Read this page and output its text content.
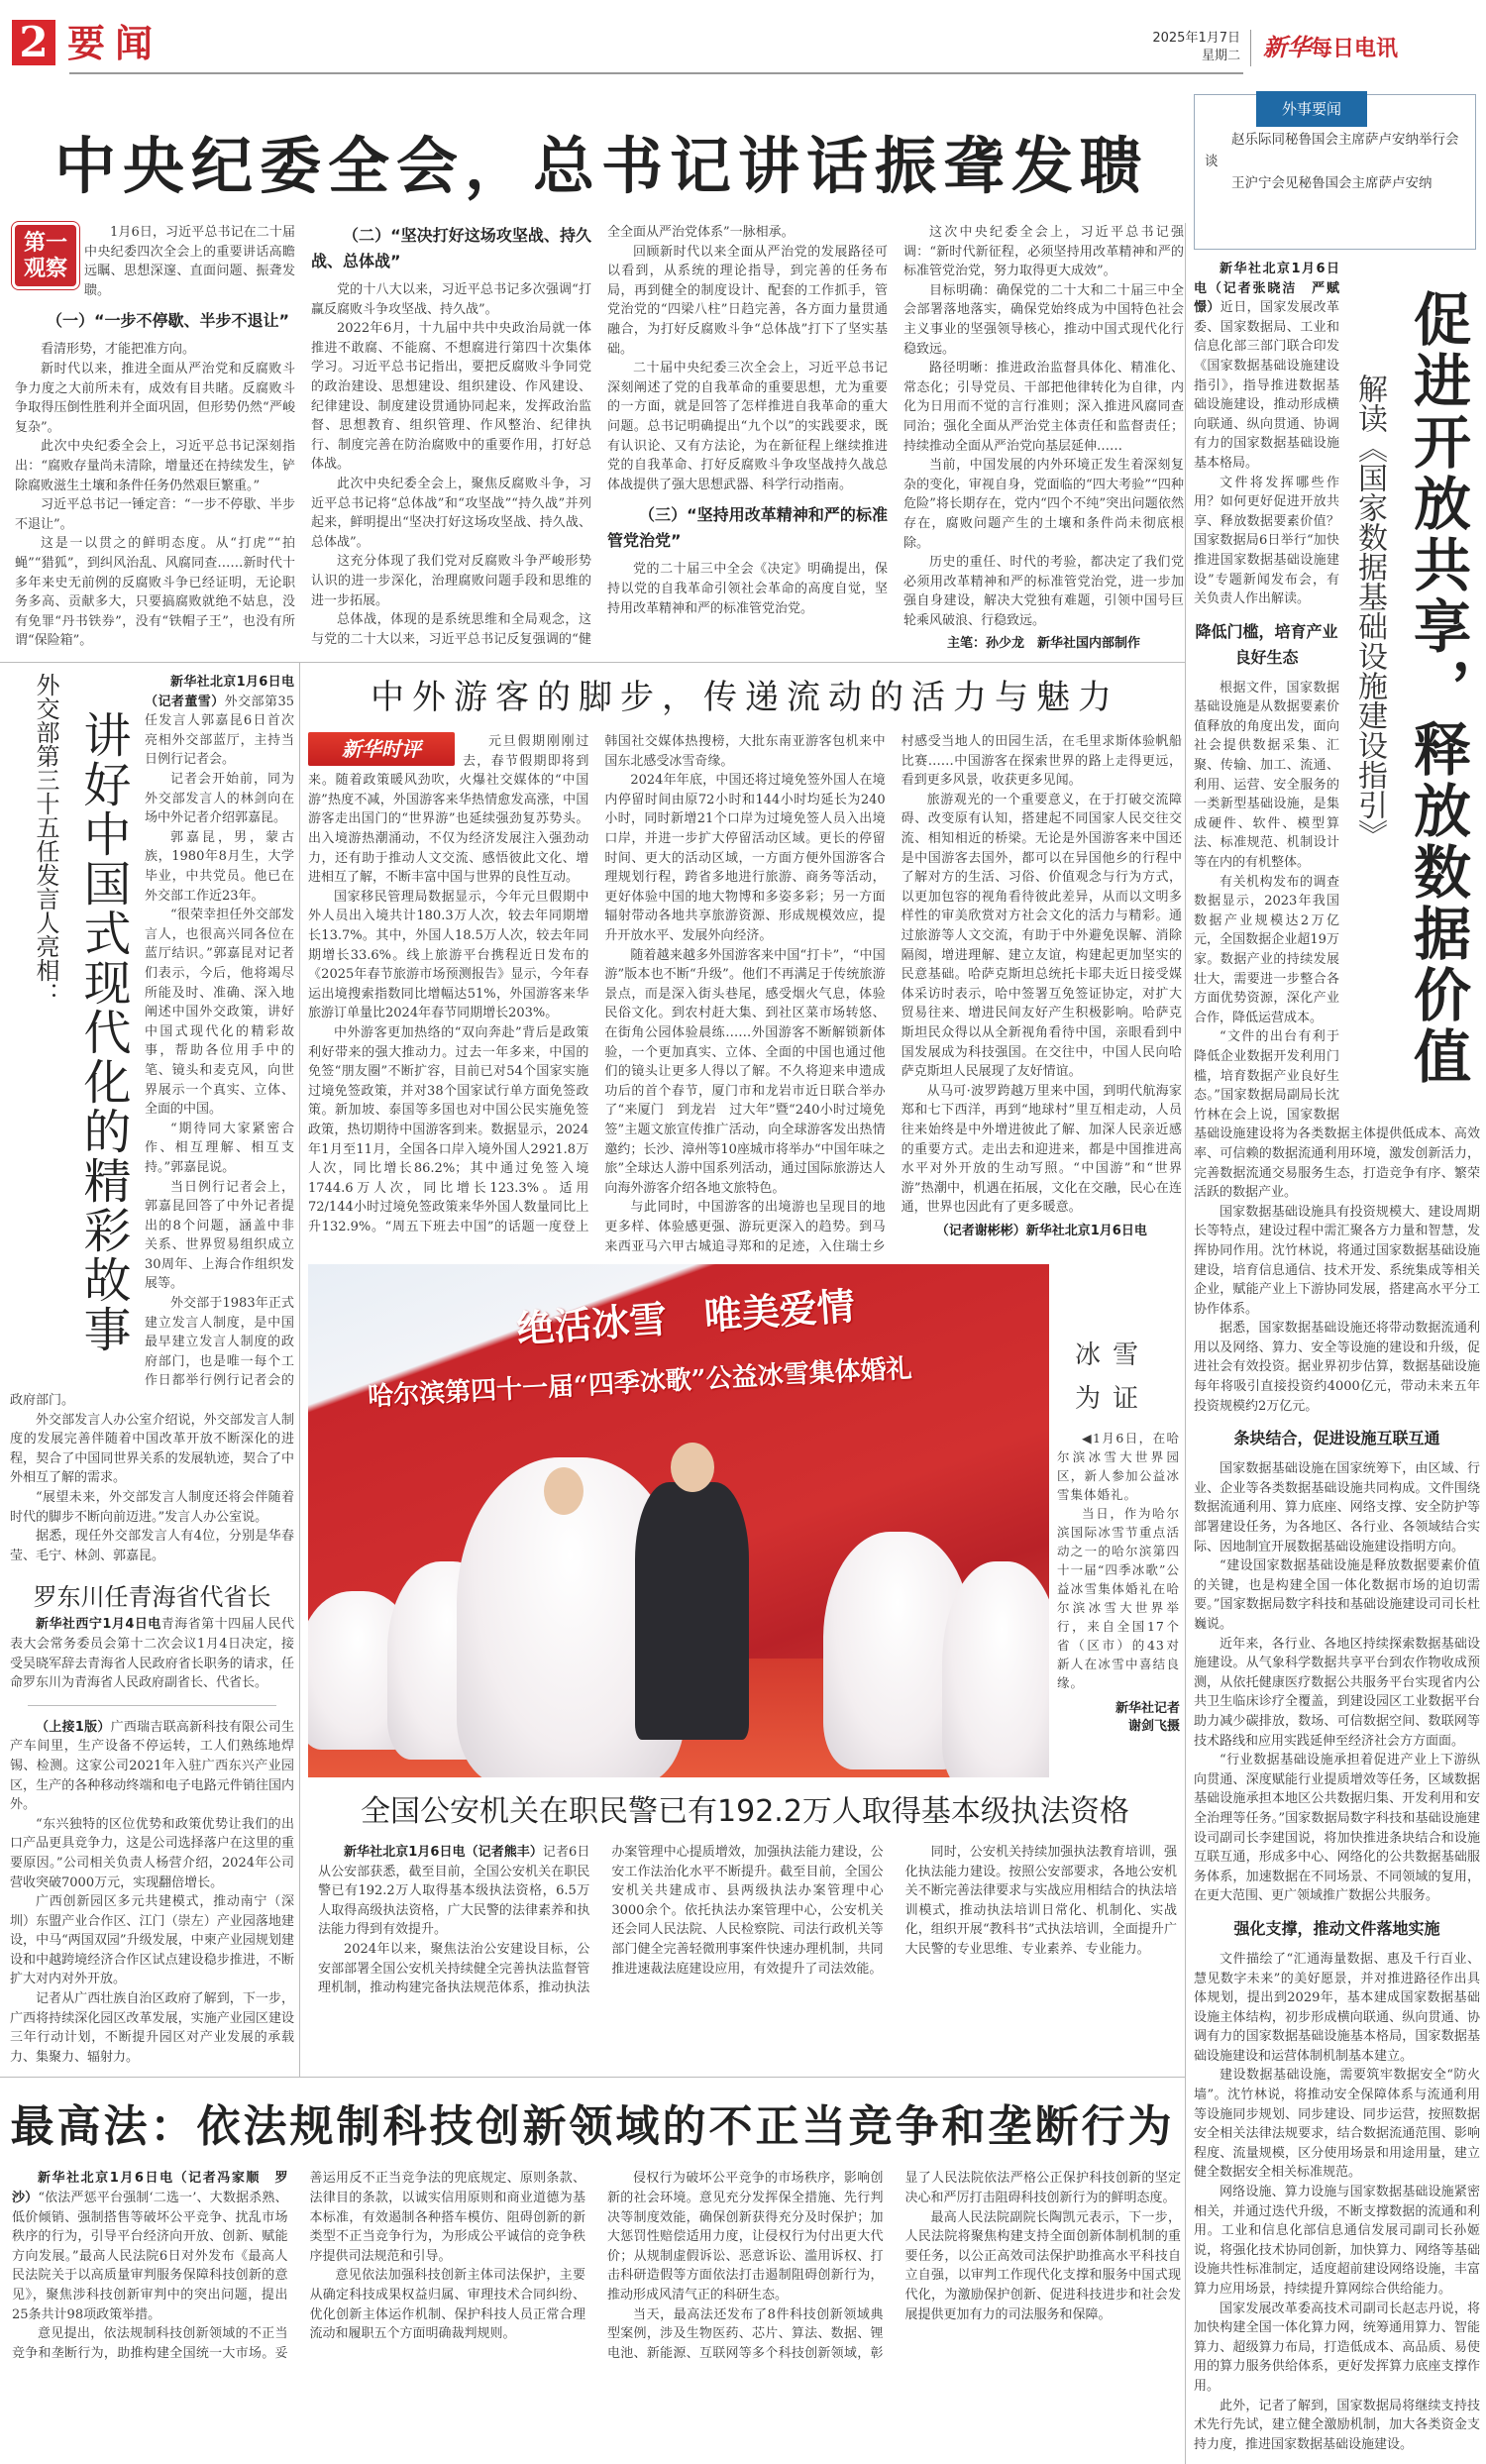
2 要闻	2025年1月7日
星期二 新华每日电讯
外事要闻

赵乐际同秘鲁国会主席萨卢安纳举行会谈

王沪宁会见秘鲁国会主席萨卢安纳

中央纪委全会，总书记讲话振聋发聩
第一观察

1月6日，习近平总书记在二十届中央纪委四次全会上的重要讲话高瞻远瞩、思想深邃、直面问题、振聋发聩。

（一）“一步不停歇、半步不退让”

看清形势，才能把准方向。

新时代以来，推进全面从严治党和反腐败斗争力度之大前所未有，成效有目共睹。反腐败斗争取得压倒性胜利并全面巩固，但形势仍然“严峻复杂”。

此次中央纪委全会上，习近平总书记深刻指出：“腐败存量尚未清除，增量还在持续发生，铲除腐败滋生土壤和条件任务仍然艰巨繁重。”

习近平总书记一锤定音：“一步不停歇、半步不退让”。

这是一以贯之的鲜明态度。从“打虎”“拍蝇”“猎狐”，到纠风治乱、风腐同查……新时代十多年来史无前例的反腐败斗争已经证明，无论职务多高、贡献多大，只要搞腐败就绝不姑息，没有免罪“丹书铁券”，没有“铁帽子王”，也没有所谓“保险箱”。

（二）“坚决打好这场攻坚战、持久战、总体战”

党的十八大以来，习近平总书记多次强调“打赢反腐败斗争攻坚战、持久战”。

2022年6月，十九届中共中央政治局就一体推进不敢腐、不能腐、不想腐进行第四十次集体学习。习近平总书记指出，要把反腐败斗争同党的政治建设、思想建设、组织建设、作风建设、纪律建设、制度建设贯通协同起来，发挥政治监督、思想教育、组织管理、作风整治、纪律执行、制度完善在防治腐败中的重要作用，打好总体战。

此次中央纪委全会上，聚焦反腐败斗争，习近平总书记将“总体战”和“攻坚战”“持久战”并列起来，鲜明提出“坚决打好这场攻坚战、持久战、总体战”。

这充分体现了我们党对反腐败斗争严峻形势认识的进一步深化，治理腐败问题手段和思维的进一步拓展。

总体战，体现的是系统思维和全局观念，这与党的二十大以来，习近平总书记反复强调的“健全全面从严治党体系”一脉相承。

回顾新时代以来全面从严治党的发展路径可以看到，从系统的理论指导，到完善的任务布局，再到健全的制度设计、配套的工作抓手，管党治党的“四梁八柱”日趋完善，各方面力量贯通融合，为打好反腐败斗争“总体战”打下了坚实基础。

二十届中央纪委三次全会上，习近平总书记深刻阐述了党的自我革命的重要思想，尤为重要的一方面，就是回答了怎样推进自我革命的重大问题。总书记明确提出“九个以”的实践要求，既有认识论、又有方法论，为在新征程上继续推进党的自我革命、打好反腐败斗争攻坚战持久战总体战提供了强大思想武器、科学行动指南。

（三）“坚持用改革精神和严的标准管党治党”

党的二十届三中全会《决定》明确提出，保持以党的自我革命引领社会革命的高度自觉，坚持用改革精神和严的标准管党治党。

这次中央纪委全会上，习近平总书记强调：“新时代新征程，必须坚持用改革精神和严的标准管党治党，努力取得更大成效”。

目标明确：确保党的二十大和二十届三中全会部署落地落实，确保党始终成为中国特色社会主义事业的坚强领导核心，推动中国式现代化行稳致远。

路径明晰：推进政治监督具体化、精准化、常态化；引导党员、干部把他律转化为自律，内化为日用而不觉的言行准则；深入推进风腐同查同治；强化全面从严治党主体责任和监督责任；持续推动全面从严治党向基层延伸……

当前，中国发展的内外环境正发生着深刻复杂的变化，审视自身，党面临的“四大考验”“四种危险”将长期存在，党内“四个不纯”突出问题依然存在，腐败问题产生的土壤和条件尚未彻底根除。

历史的重任、时代的考验，都决定了我们党必须用改革精神和严的标准管党治党，进一步加强自身建设，解决大党独有难题，引领中国号巨轮乘风破浪、行稳致远。

主笔：孙少龙　新华社国内部制作
外交部第三十五任发言人亮相： 讲好中国式现代化的精彩故事

新华社北京1月6日电（记者董雪）外交部第35任发言人郭嘉昆6日首次亮相外交部蓝厅，主持当日例行记者会。

记者会开始前，同为外交部发言人的林剑向在场中外记者介绍郭嘉昆。

郭嘉昆，男，蒙古族，1980年8月生，大学毕业，中共党员。他已在外交部工作近23年。

“很荣幸担任外交部发言人，也很高兴同各位在蓝厅结识。”郭嘉昆对记者们表示，今后，他将竭尽所能及时、准确、深入地阐述中国外交政策，讲好中国式现代化的精彩故事，帮助各位用手中的笔、镜头和麦克风，向世界展示一个真实、立体、全面的中国。

“期待同大家紧密合作、相互理解、相互支持。”郭嘉昆说。

当日例行记者会上，郭嘉昆回答了中外记者提出的8个问题，涵盖中非关系、世界贸易组织成立30周年、上海合作组织发展等。

外交部于1983年正式建立发言人制度，是中国最早建立发言人制度的政府部门，也是唯一每个工作日都举行例行记者会的政府部门。

外交部发言人办公室介绍说，外交部发言人制度的发展完善伴随着中国改革开放不断深化的进程，契合了中国同世界关系的发展轨迹，契合了中外相互了解的需求。

“展望未来，外交部发言人制度还将会伴随着时代的脚步不断向前迈进。”发言人办公室说。

据悉，现任外交部发言人有4位，分别是华春莹、毛宁、林剑、郭嘉昆。

罗东川任青海省代省长

新华社西宁1月4日电青海省第十四届人民代表大会常务委员会第十二次会议1月4日决定，接受吴晓军辞去青海省人民政府省长职务的请求，任命罗东川为青海省人民政府副省长、代省长。

（上接1版）广西瑞吉联高新科技有限公司生产车间里，生产设备不停运转，工人们熟练地焊锡、检测。这家公司2021年入驻广西东兴产业园区，生产的各种移动终端和电子电路元件销往国内外。

“东兴独特的区位优势和政策优势让我们的出口产品更具竞争力，这是公司选择落户在这里的重要原因。”公司相关负责人杨营介绍，2024年公司营收突破7000万元，实现翻倍增长。

广西创新园区多元共建模式，推动南宁（深圳）东盟产业合作区、江门（崇左）产业园落地建设，中马“两国双园”升级发展，中柬产业园规划建设和中越跨境经济合作区试点建设稳步推进，不断扩大对内对外开放。

记者从广西壮族自治区政府了解到，下一步，广西将持续深化园区改革发展，实施产业园区建设三年行动计划，不断提升园区对产业发展的承载力、集聚力、辐射力。

中外游客的脚步，传递流动的活力与魅力
新华时评	元旦假期刚刚过去，春节假期即将到来。随着政策暖风劲吹，火爆社交媒体的“中国游”热度不减，外国游客来华热情愈发高涨，中国游客走出国门的“世界游”也延续强劲复苏势头。出入境游热潮涌动，不仅为经济发展注入强劲动力，还有助于推动人文交流、感悟彼此文化、增进相互了解，不断丰富中国与世界的良性互动。

国家移民管理局数据显示，今年元旦假期中外人员出入境共计180.3万人次，较去年同期增长13.7%。其中，外国人18.5万人次，较去年同期增长33.6%。线上旅游平台携程近日发布的《2025年春节旅游市场预测报告》显示，今年春运出境搜索指数同比增幅达51%，外国游客来华旅游订单量比2024年春节同期增长203%。

中外游客更加热络的“双向奔赴”背后是政策利好带来的强大推动力。过去一年多来，中国的免签“朋友圈”不断扩容，目前已对54个国家实施过境免签政策，并对38个国家试行单方面免签政策。新加坡、泰国等多国也对中国公民实施免签政策，热切期待中国游客到来。数据显示，2024年1月至11月，全国各口岸入境外国人2921.8万人次，同比增长86.2%；其中通过免签入境1744.6万人次，同比增长123.3%。适用72/144小时过境免签政策来华外国人数量同比上升132.9%。“周五下班去中国”的话题一度登上韩国社交媒体热搜榜，大批东南亚游客包机来中国东北感受冰雪奇缘。

2024年年底，中国还将过境免签外国人在境内停留时间由原72小时和144小时均延长为240小时，同时新增21个口岸为过境免签人员入出境口岸，并进一步扩大停留活动区域。更长的停留时间、更大的活动区域，一方面方便外国游客合理规划行程，跨省多地进行旅游、商务等活动，更好体验中国的地大物博和多姿多彩；另一方面辐射带动各地共享旅游资源、形成规模效应，提升开放水平、发展外向经济。

随着越来越多外国游客来中国“打卡”，“中国游”版本也不断“升级”。他们不再满足于传统旅游景点，而是深入街头巷尾，感受烟火气息，体验民俗文化。到农村赶大集、到社区菜市场转悠、在街角公园体验晨练……外国游客不断解锁新体验，一个更加真实、立体、全面的中国也通过他们的镜头让更多人得以了解。不久将迎来申遗成功后的首个春节，厦门市和龙岩市近日联合举办了“来厦门　到龙岩　过大年”暨“240小时过境免签”主题文旅宣传推广活动，向全球游客发出热情邀约；长沙、漳州等10座城市将举办“中国年味之旅”全球达人游中国系列活动，通过国际旅游达人向海外游客介绍各地文旅特色。

与此同时，中国游客的出境游也呈现目的地更多样、体验感更强、游玩更深入的趋势。到马来西亚马六甲古城追寻郑和的足迹，入住瑞士乡村感受当地人的田园生活，在毛里求斯体验帆船比赛……中国游客在探索世界的路上走得更远，看到更多风景，收获更多见闻。

旅游观光的一个重要意义，在于打破交流障碍、改变原有认知，搭建起不同国家人民交往交流、相知相近的桥梁。无论是外国游客来中国还是中国游客去国外，都可以在异国他乡的行程中了解对方的生活、习俗、价值观念与行为方式，以更加包容的视角看待彼此差异，从而以文明多样性的审美欣赏对方社会文化的活力与精彩。通过旅游等人文交流，有助于中外避免误解、消除隔阂，增进理解、建立友谊，构建起更加坚实的民意基础。哈萨克斯坦总统托卡耶夫近日接受媒体采访时表示，哈中签署互免签证协定，对扩大贸易往来、增进民间友好产生积极影响。哈萨克斯坦民众得以从全新视角看待中国，亲眼看到中国发展成为科技强国。在交往中，中国人民向哈萨克斯坦人民展现了友好情谊。

从马可·波罗跨越万里来中国，到明代航海家郑和七下西洋，再到“地球村”里互相走动，人员往来始终是中外增进彼此了解、加深人民亲近感的重要方式。走出去和迎进来，都是中国推进高水平对外开放的生动写照。“中国游”和“世界游”热潮中，机遇在拓展，文化在交融，民心在连通，世界也因此有了更多暖意。

（记者谢彬彬）新华社北京1月6日电
绝活冰雪　唯美爱情
哈尔滨第四十一届“四季冰歌”公益冰雪集体婚礼	冰雪
为证

◀1月6日，在哈尔滨冰雪大世界园区，新人参加公益冰雪集体婚礼。

当日，作为哈尔滨国际冰雪节重点活动之一的哈尔滨第四十一届“四季冰歌”公益冰雪集体婚礼在哈尔滨冰雪大世界举行，来自全国17个省（区市）的43对新人在冰雪中喜结良缘。

新华社记者
谢剑飞摄
全国公安机关在职民警已有192.2万人取得基本级执法资格

新华社北京1月6日电（记者熊丰）记者6日从公安部获悉，截至目前，全国公安机关在职民警已有192.2万人取得基本级执法资格，6.5万人取得高级执法资格，广大民警的法律素养和执法能力得到有效提升。

2024年以来，聚焦法治公安建设目标，公安部部署全国公安机关持续健全完善执法监督管理机制，推动构建完备执法规范体系，推动执法办案管理中心提质增效，加强执法能力建设，公安工作法治化水平不断提升。截至目前，全国公安机关共建成市、县两级执法办案管理中心3000余个。依托执法办案管理中心，公安机关还会同人民法院、人民检察院、司法行政机关等部门健全完善轻微刑事案件快速办理机制，共同推进速裁法庭建设应用，有效提升了司法效能。

同时，公安机关持续加强执法教育培训，强化执法能力建设。按照公安部要求，各地公安机关不断完善法律要求与实战应用相结合的执法培训模式，推动执法培训日常化、机制化、实战化，组织开展“教科书”式执法培训，全面提升广大民警的专业思维、专业素养、专业能力。

最高法：依法规制科技创新领域的不正当竞争和垄断行为

新华社北京1月6日电（记者冯家顺　罗沙）“依法严惩平台强制‘二选一’、大数据杀熟、低价倾销、强制搭售等破坏公平竞争、扰乱市场秩序的行为，引导平台经济向开放、创新、赋能方向发展。”最高人民法院6日对外发布《最高人民法院关于以高质量审判服务保障科技创新的意见》，聚焦涉科技创新审判中的突出问题，提出25条共计98项政策举措。

意见提出，依法规制科技创新领域的不正当竞争和垄断行为，助推构建全国统一大市场。妥善运用反不正当竞争法的兜底规定、原则条款、法律目的条款，以诚实信用原则和商业道德为基本标准，有效遏制各种搭车模仿、阻碍创新的新类型不正当竞争行为，为形成公平诚信的竞争秩序提供司法规范和引导。

意见依法加强科技创新主体司法保护，主要从确定科技成果权益归属、审理技术合同纠纷、优化创新主体运作机制、保护科技人员正常合理流动和履职五个方面明确裁判规则。

侵权行为破坏公平竞争的市场秩序，影响创新的社会环境。意见充分发挥保全措施、先行判决等制度效能，确保创新获得充分及时保护；加大惩罚性赔偿适用力度，让侵权行为付出更大代价；从规制虚假诉讼、恶意诉讼、滥用诉权、打击科研造假等方面依法打击遏制阻碍创新行为，推动形成风清气正的科研生态。

当天，最高法还发布了8件科技创新领域典型案例，涉及生物医药、芯片、算法、数据、锂电池、新能源、互联网等多个科技创新领域，彰显了人民法院依法严格公正保护科技创新的坚定决心和严厉打击阻碍科技创新行为的鲜明态度。

最高人民法院副院长陶凯元表示，下一步，人民法院将聚焦构建支持全面创新体制机制的重要任务，以公正高效司法保护助推高水平科技自立自强，以审判工作现代化支撑和服务中国式现代化，为激励保护创新、促进科技进步和社会发展提供更加有力的司法服务和保障。

促进开放共享，释放数据价值
解读《国家数据基础设施建设指引》

新华社北京1月6日电（记者张晓洁　严赋憬）近日，国家发展改革委、国家数据局、工业和信息化部三部门联合印发《国家数据基础设施建设指引》，指导推进数据基础设施建设，推动形成横向联通、纵向贯通、协调有力的国家数据基础设施基本格局。

文件将发挥哪些作用？如何更好促进开放共享、释放数据要素价值？国家数据局6日举行“加快推进国家数据基础设施建设”专题新闻发布会，有关负责人作出解读。

降低门槛，培育产业良好生态

根据文件，国家数据基础设施是从数据要素价值释放的角度出发，面向社会提供数据采集、汇聚、传输、加工、流通、利用、运营、安全服务的一类新型基础设施，是集成硬件、软件、模型算法、标准规范、机制设计等在内的有机整体。

有关机构发布的调查数据显示，2023年我国数据产业规模达2万亿元，全国数据企业超19万家。数据产业的持续发展壮大，需要进一步整合各方面优势资源，深化产业合作，降低运营成本。

“文件的出台有利于降低企业数据开发利用门槛，培育数据产业良好生态。”国家数据局副局长沈竹林在会上说，国家数据基础设施建设将为各类数据主体提供低成本、高效率、可信赖的数据流通利用环境，激发创新活力，完善数据流通交易服务生态，打造竞争有序、繁荣活跃的数据产业。

国家数据基础设施具有投资规模大、建设周期长等特点，建设过程中需汇聚各方力量和智慧，发挥协同作用。沈竹林说，将通过国家数据基础设施建设，培育信息通信、技术开发、系统集成等相关企业，赋能产业上下游协同发展，搭建高水平分工协作体系。

据悉，国家数据基础设施还将带动数据流通利用以及网络、算力、安全等设施的建设和升级，促进社会有效投资。据业界初步估算，数据基础设施每年将吸引直接投资约4000亿元，带动未来五年投资规模约2万亿元。

条块结合，促进设施互联互通

国家数据基础设施在国家统筹下，由区域、行业、企业等各类数据基础设施共同构成。文件围绕数据流通利用、算力底座、网络支撑、安全防护等部署建设任务，为各地区、各行业、各领域结合实际、因地制宜开展数据基础设施建设指明方向。

“建设国家数据基础设施是释放数据要素价值的关键，也是构建全国一体化数据市场的迫切需要。”国家数据局数字科技和基础设施建设司司长杜巍说。

近年来，各行业、各地区持续探索数据基础设施建设。从气象科学数据共享平台到农作物收成预测，从依托健康医疗数据公共服务平台实现省内公共卫生临床诊疗全覆盖，到建设园区工业数据平台助力减少碳排放，数场、可信数据空间、数联网等技术路线和应用实践延伸至经济社会方方面面。

“行业数据基础设施承担着促进产业上下游纵向贯通、深度赋能行业提质增效等任务，区域数据基础设施承担本地区公共数据归集、开发利用和安全治理等任务。”国家数据局数字科技和基础设施建设司副司长李建国说，将加快推进条块结合和设施互联互通，形成多中心、网络化的公共数据基础服务体系，加速数据在不同场景、不同领域的复用，在更大范围、更广领域推广数据公共服务。

强化支撑，推动文件落地实施

文件描绘了“汇通海量数据、惠及千行百业、慧见数字未来”的美好愿景，并对推进路径作出具体规划，提出到2029年，基本建成国家数据基础设施主体结构，初步形成横向联通、纵向贯通、协调有力的国家数据基础设施基本格局，国家数据基础设施建设和运营体制机制基本建立。

建设数据基础设施，需要筑牢数据安全“防火墙”。沈竹林说，将推动安全保障体系与流通利用等设施同步规划、同步建设、同步运营，按照数据安全相关法律法规要求，结合数据流通范围、影响程度、流量规模，区分使用场景和用途用量，建立健全数据安全相关标准规范。

网络设施、算力设施与国家数据基础设施紧密相关，并通过迭代升级，不断支撑数据的流通和利用。工业和信息化部信息通信发展司副司长孙姬说，将强化技术协同创新，加快算力、网络等基础设施共性标准制定，适度超前建设网络设施，丰富算力应用场景，持续提升算网综合供给能力。

国家发展改革委高技术司副司长赵志丹说，将加快构建全国一体化算力网，统筹通用算力、智能算力、超级算力布局，打造低成本、高品质、易使用的算力服务供给体系，更好发挥算力底座支撑作用。

此外，记者了解到，国家数据局将继续支持技术先行先试，建立健全激励机制，加大各类资金支持力度，推进国家数据基础设施建设。
